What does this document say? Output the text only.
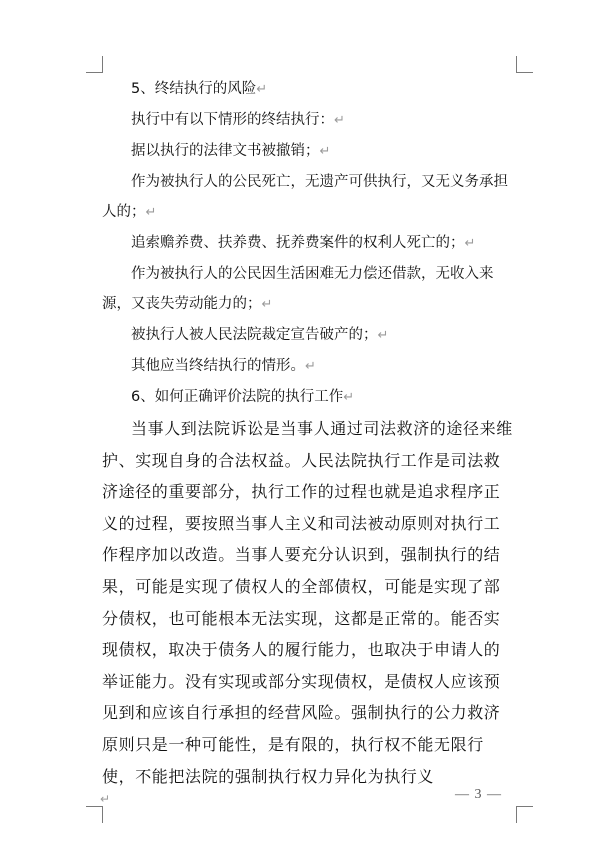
5、终结执行的风险↵

执行中有以下情形的终结执行：↵

据以执行的法律文书被撤销；↵

作为被执行人的公民死亡，无遗产可供执行，又无义务承担人的；↵

追索赡养费、扶养费、抚养费案件的权利人死亡的；↵

作为被执行人的公民因生活困难无力偿还借款，无收入来源，又丧失劳动能力的；↵

被执行人被人民法院裁定宣告破产的；↵

其他应当终结执行的情形。↵

6、如何正确评价法院的执行工作↵

当事人到法院诉讼是当事人通过司法救济的途径来维护、实现自身的合法权益。人民法院执行工作是司法救济途径的重要部分，执行工作的过程也就是追求程序正义的过程，要按照当事人主义和司法被动原则对执行工作程序加以改造。当事人要充分认识到，强制执行的结果，可能是实现了债权人的全部债权，可能是实现了部分债权，也可能根本无法实现，这都是正常的。能否实现债权，取决于债务人的履行能力，也取决于申请人的举证能力。没有实现或部分实现债权，是债权人应该预见到和应该自行承担的经营风险。强制执行的公力救济原则只是一种可能性，是有限的，执行权不能无限行使，不能把法院的强制执行权力异化为执行义

↵	— 3 —
